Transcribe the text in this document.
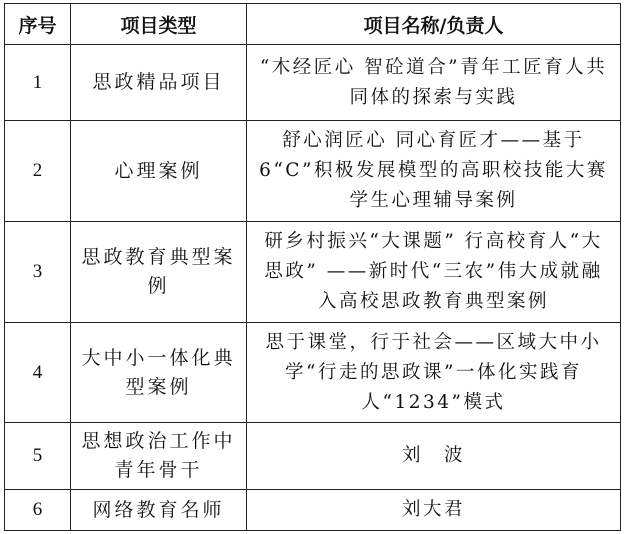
序号	项目类型	项目名称/负责人
1	思政精品项目	“木经匠心 智砼道合”青年工匠育人共同体的探索与实践
2	心理案例	舒心润匠心 同心育匠才——基于6“C”积极发展模型的高职校技能大赛学生心理辅导案例
3	思政教育典型案例	研乡村振兴“大课题” 行高校育人“大思政” ——新时代“三农”伟大成就融入高校思政教育典型案例
4	大中小一体化典型案例	思于课堂，行于社会——区域大中小学“行走的思政课”一体化实践育人“1234”模式
5	思想政治工作中青年骨干	刘　波
6	网络教育名师	刘大君
